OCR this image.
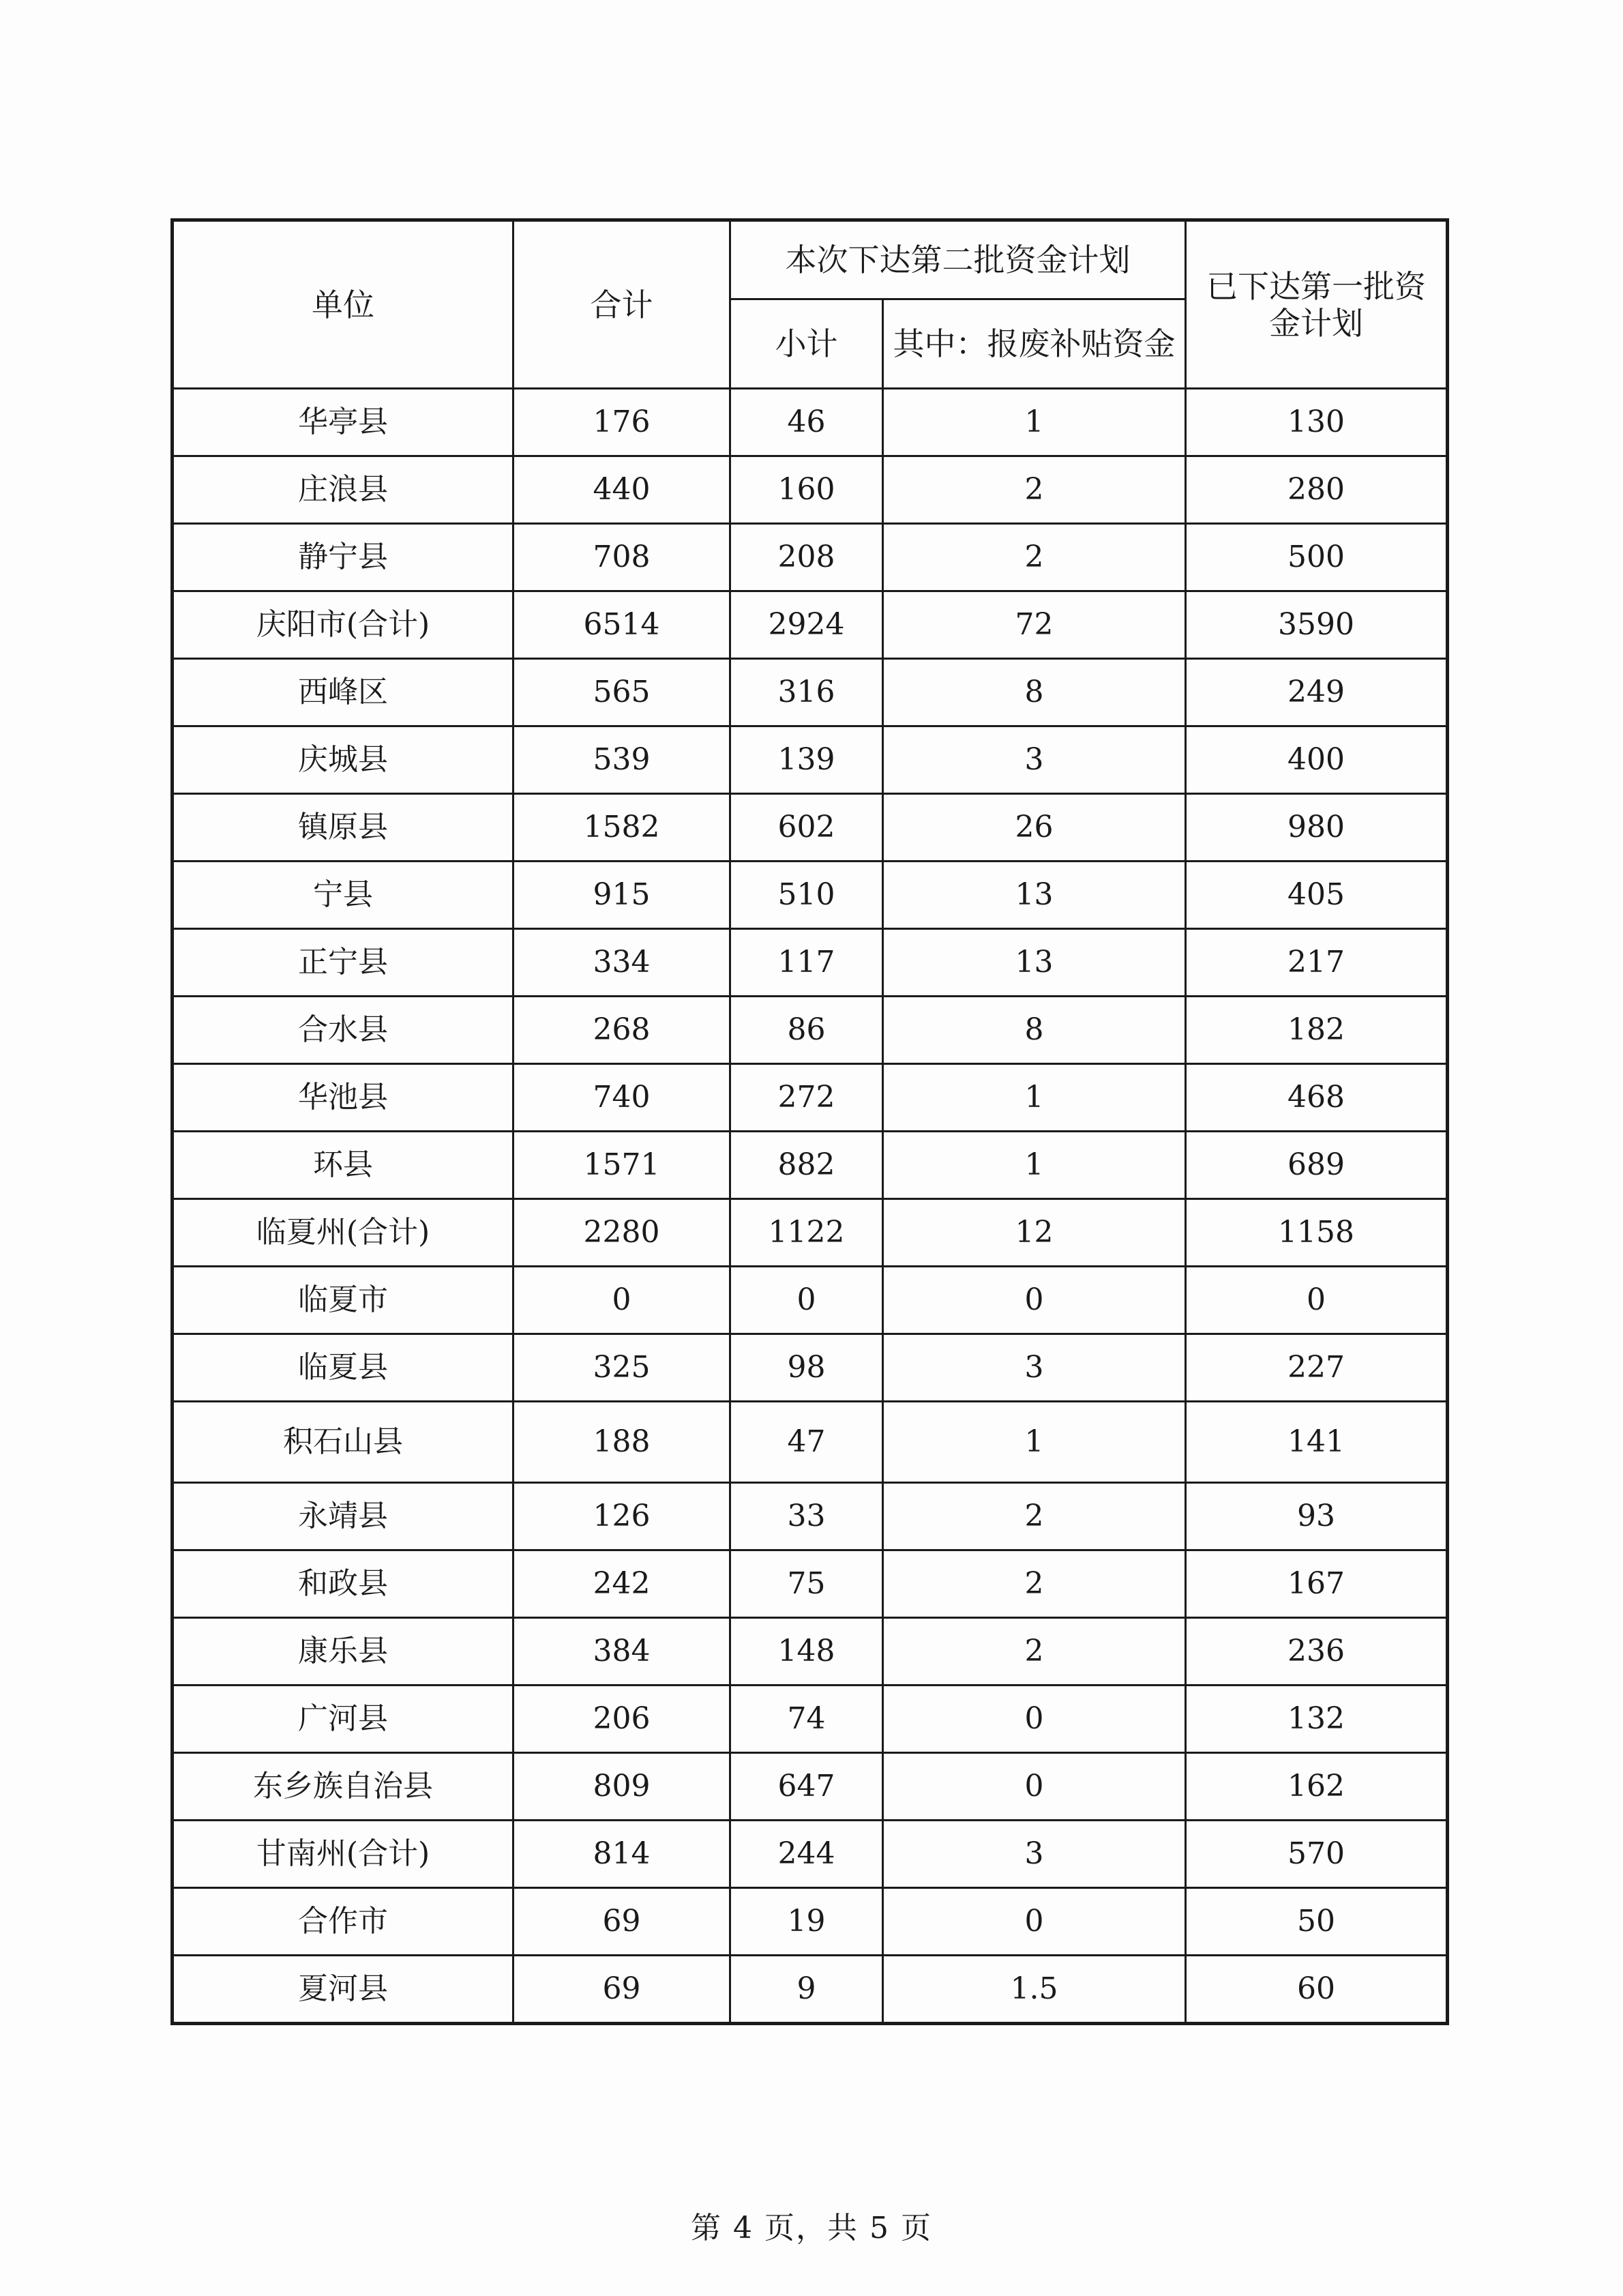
单位	合计	本次下达第二批资金计划		已下达第一批资金计划
		小计	其中：报废补贴资金	
华亭县	176	46	1	130
庄浪县	440	160	2	280
静宁县	708	208	2	500
庆阳市(合计)	6514	2924	72	3590
西峰区	565	316	8	249
庆城县	539	139	3	400
镇原县	1582	602	26	980
宁县	915	510	13	405
正宁县	334	117	13	217
合水县	268	86	8	182
华池县	740	272	1	468
环县	1571	882	1	689
临夏州(合计)	2280	1122	12	1158
临夏市	0	0	0	0
临夏县	325	98	3	227
积石山县	188	47	1	141
永靖县	126	33	2	93
和政县	242	75	2	167
康乐县	384	148	2	236
广河县	206	74	0	132
东乡族自治县	809	647	0	162
甘南州(合计)	814	244	3	570
合作市	69	19	0	50
夏河县	69	9	1.5	60
第 4 页，共 5 页
